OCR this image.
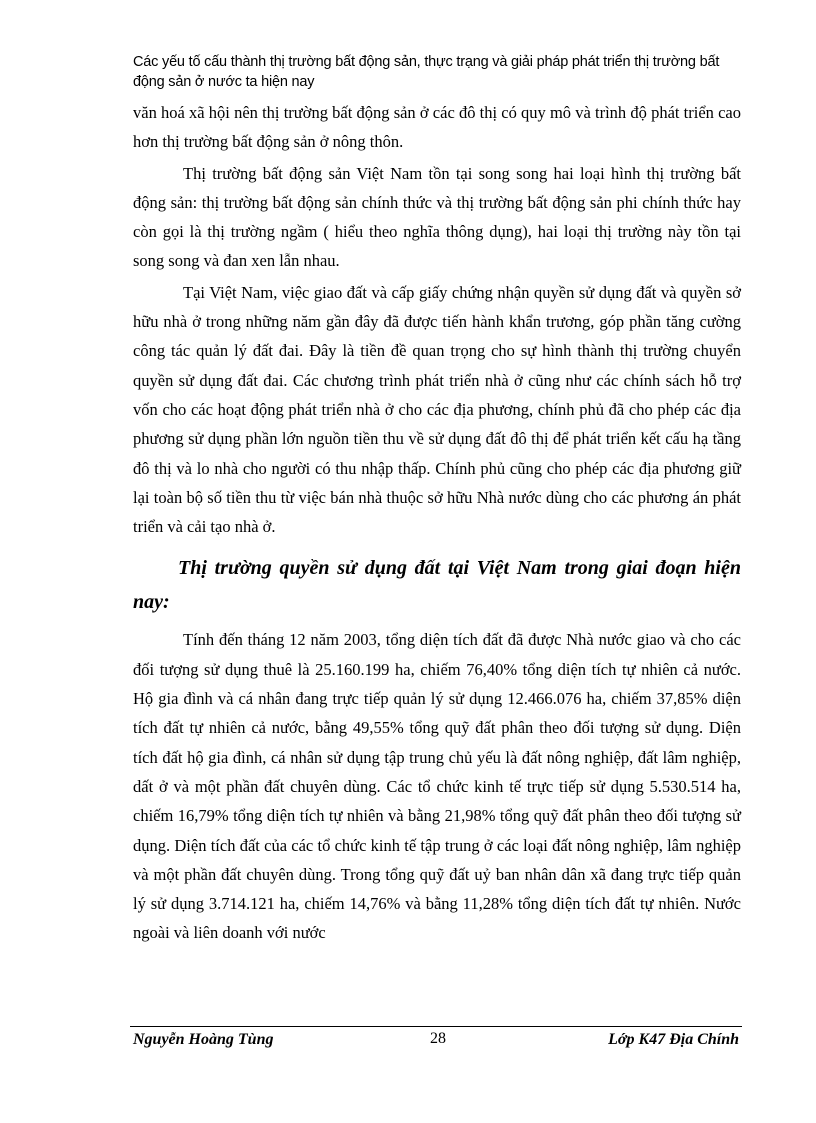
Các yếu tố cấu thành thị trường bất động sản, thực trạng và giải pháp phát triển thị trường bất động sản ở nước ta hiện nay

văn hoá xã hội nên thị trường bất động sản ở các đô thị có quy mô và trình độ phát triển cao hơn thị trường bất động sản ở nông thôn.

Thị trường bất động sản Việt Nam tồn tại song song hai loại hình thị trường bất động sản: thị trường bất động sản chính thức và thị trường bất động sản phi chính thức hay còn gọi là thị trường ngầm ( hiểu theo nghĩa thông dụng), hai loại thị trường này tồn tại song song và đan xen lẫn nhau.

Tại Việt Nam, việc giao đất và cấp giấy chứng nhận quyền sử dụng đất và quyền sở hữu nhà ở trong những năm gần đây đã được tiến hành khẩn trương, góp phần tăng cường công tác quản lý đất đai. Đây là tiền đề quan trọng cho sự hình thành thị trường chuyển quyền sử dụng đất đai. Các chương trình phát triển nhà ở cũng như các chính sách hỗ trợ vốn cho các hoạt động phát triển nhà ở cho các địa phương, chính phủ đã cho phép các địa phương sử dụng phần lớn nguồn tiền thu về sử dụng đất đô thị để phát triển kết cấu hạ tầng đô thị và lo nhà cho người có thu nhập thấp. Chính phủ cũng cho phép các địa phương giữ lại toàn bộ số tiền thu từ việc bán nhà thuộc sở hữu Nhà nước dùng cho các phương án phát triển và cải tạo nhà ở.

Thị trường quyền sử dụng đất tại Việt Nam trong giai đoạn hiện nay:

Tính đến tháng 12 năm 2003, tổng diện tích đất đã được Nhà nước giao và cho các đối tượng sử dụng thuê là 25.160.199 ha, chiếm 76,40% tổng diện tích tự nhiên cả nước. Hộ gia đình và cá nhân đang trực tiếp quản lý sử dụng 12.466.076 ha, chiếm 37,85% diện tích đất tự nhiên cả nước, bằng 49,55% tổng quỹ đất phân theo đối tượng sử dụng. Diện tích đất hộ gia đình, cá nhân sử dụng tập trung chủ yếu là đất nông nghiệp, đất lâm nghiệp, dất ở và một phần đất chuyên dùng. Các tổ chức kinh tế trực tiếp sử dụng 5.530.514 ha, chiếm 16,79% tổng diện tích tự nhiên và bằng 21,98% tổng quỹ đất phân theo đối tượng sử dụng. Diện tích đất của các tổ chức kinh tế tập trung ở các loại đất nông nghiệp, lâm nghiệp và một phần đất chuyên dùng. Trong tổng quỹ đất uỷ ban nhân dân xã đang trực tiếp quản lý sử dụng 3.714.121 ha, chiếm 14,76% và bằng 11,28% tổng diện tích đất tự nhiên. Nước ngoài và liên doanh với nước

Nguyễn Hoàng Tùng	28	Lớp K47 Địa Chính
